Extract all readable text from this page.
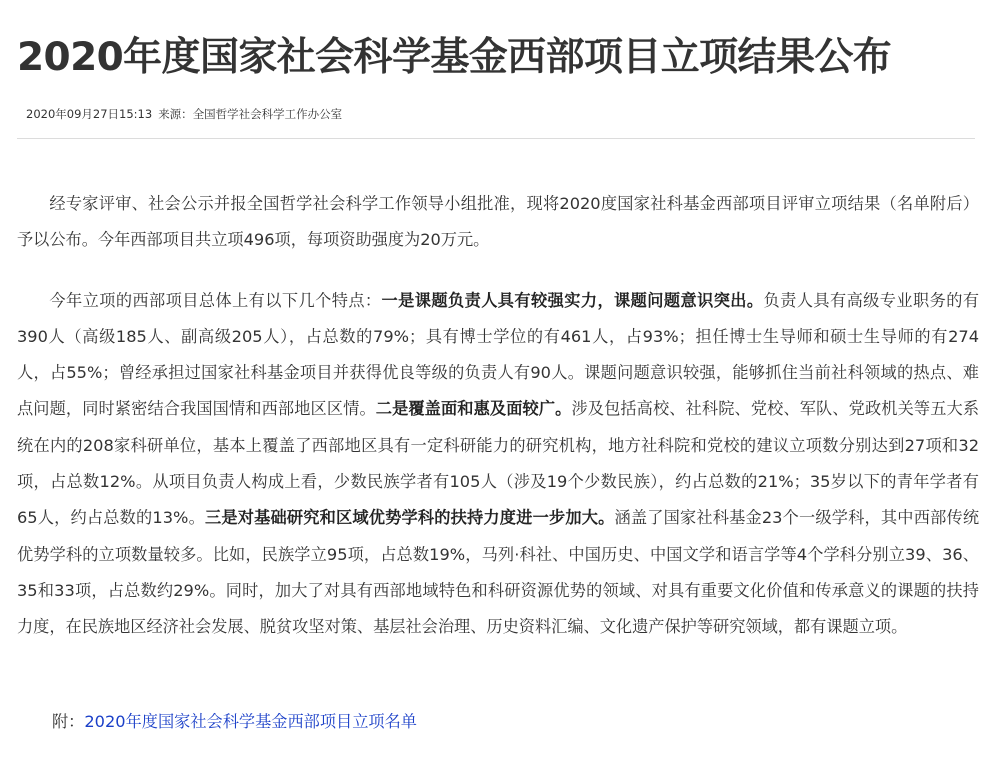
2020年度国家社会科学基金西部项目立项结果公布
2020年09月27日15:13 来源：全国哲学社会科学工作办公室

经专家评审、社会公示并报全国哲学社会科学工作领导小组批准，现将2020度国家社科基金西部项目评审立项结果（名单附后）予以公布。今年西部项目共立项496项，每项资助强度为20万元。

今年立项的西部项目总体上有以下几个特点：一是课题负责人具有较强实力，课题问题意识突出。负责人具有高级专业职务的有390人（高级185人、副高级205人），占总数的79%；具有博士学位的有461人，占93%；担任博士生导师和硕士生导师的有274人，占55%；曾经承担过国家社科基金项目并获得优良等级的负责人有90人。课题问题意识较强，能够抓住当前社科领域的热点、难点问题，同时紧密结合我国国情和西部地区区情。二是覆盖面和惠及面较广。涉及包括高校、社科院、党校、军队、党政机关等五大系统在内的208家科研单位，基本上覆盖了西部地区具有一定科研能力的研究机构，地方社科院和党校的建议立项数分别达到27项和32项，占总数12%。从项目负责人构成上看，少数民族学者有105人（涉及19个少数民族），约占总数的21%；35岁以下的青年学者有65人，约占总数的13%。三是对基础研究和区域优势学科的扶持力度进一步加大。涵盖了国家社科基金23个一级学科，其中西部传统优势学科的立项数量较多。比如，民族学立95项，占总数19%，马列·科社、中国历史、中国文学和语言学等4个学科分别立39、36、35和33项，占总数约29%。同时，加大了对具有西部地域特色和科研资源优势的领域、对具有重要文化价值和传承意义的课题的扶持力度，在民族地区经济社会发展、脱贫攻坚对策、基层社会治理、历史资料汇编、文化遗产保护等研究领域，都有课题立项。

附：2020年度国家社会科学基金西部项目立项名单
